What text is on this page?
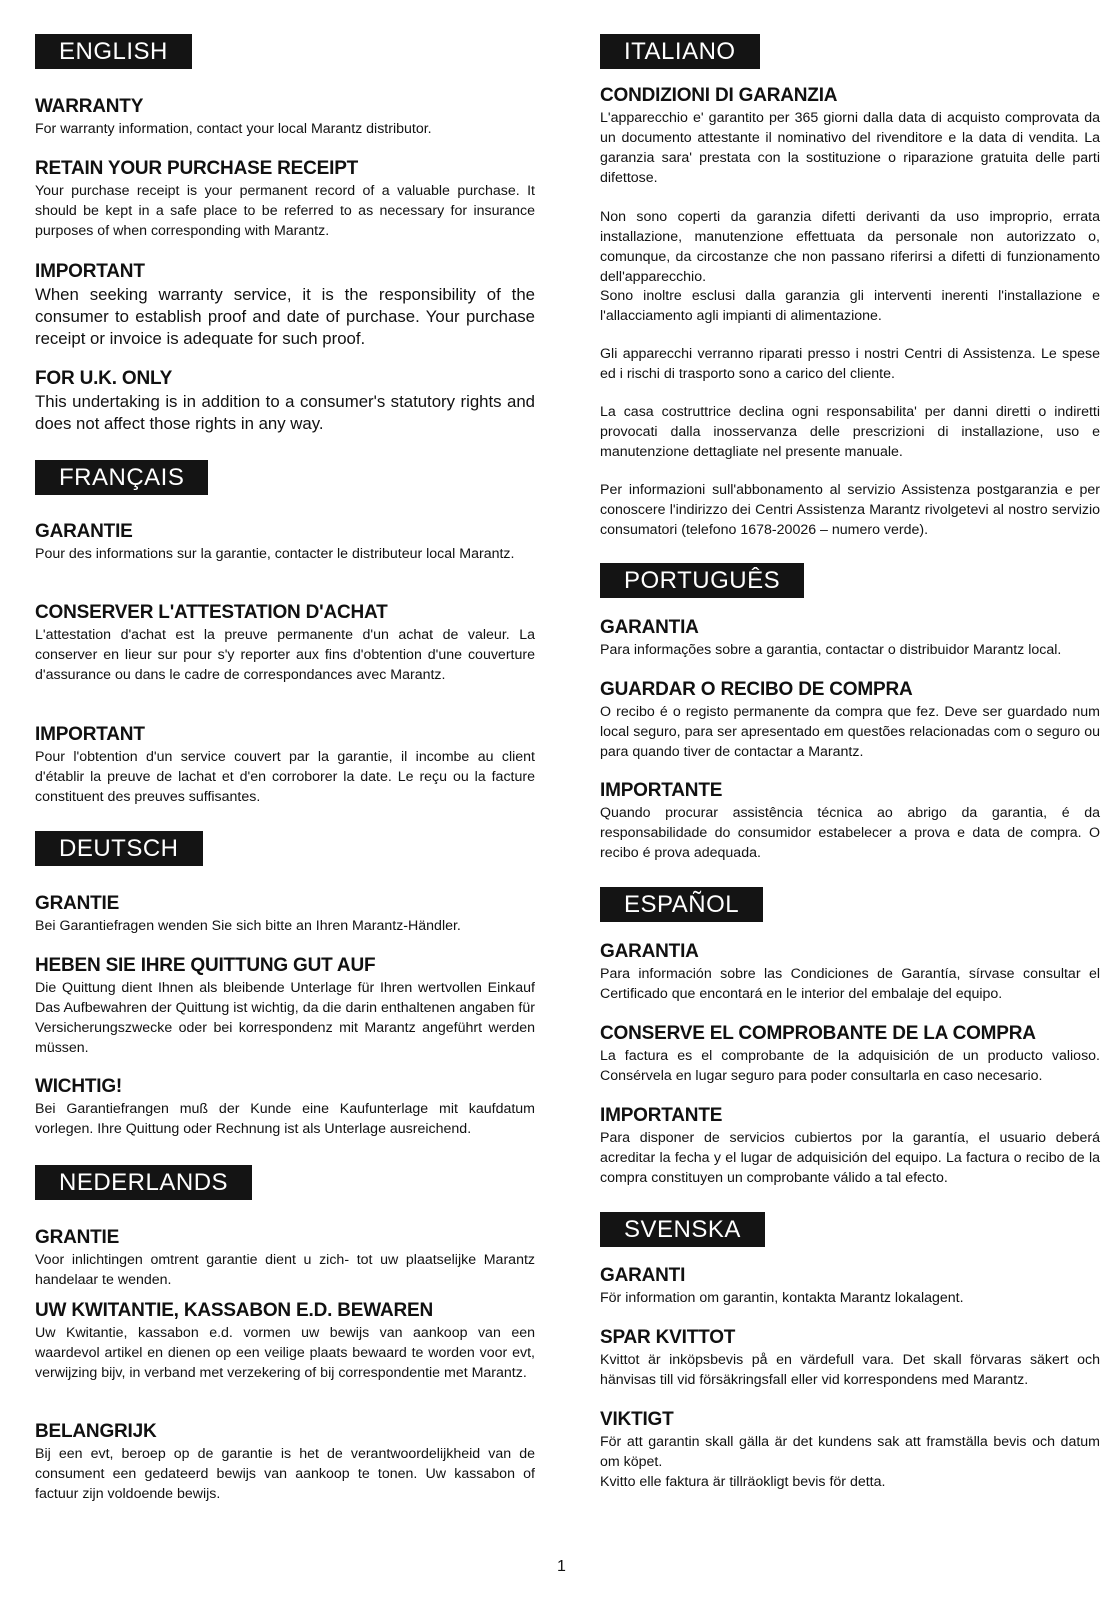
ENGLISH
WARRANTY
For warranty information, contact your local Marantz distributor.
RETAIN YOUR PURCHASE RECEIPT
Your purchase receipt is your permanent record of a valuable purchase. It should be kept in a safe place to be referred to as necessary for insurance purposes of when corresponding with Marantz.
IMPORTANT
When seeking warranty service, it is the responsibility of the consumer to establish proof and date of purchase. Your purchase receipt or invoice is adequate for such proof.
FOR U.K. ONLY
This undertaking is in addition to a consumer's statutory rights and does not affect those rights in any way.
FRANÇAIS
GARANTIE
Pour des informations sur la garantie, contacter le distributeur local Marantz.
CONSERVER L'ATTESTATION D'ACHAT
L'attestation d'achat est la preuve permanente d'un achat de valeur. La conserver en lieur sur pour s'y reporter aux fins d'obtention d'une couverture d'assurance ou dans le cadre de correspondances avec Marantz.
IMPORTANT
Pour l'obtention d'un service couvert par la garantie, il incombe au client d'établir la preuve de lachat et d'en corroborer la date. Le reçu ou la facture constituent des preuves suffisantes.
DEUTSCH
GRANTIE
Bei Garantiefragen wenden Sie sich bitte an Ihren Marantz-Händler.
HEBEN SIE IHRE QUITTUNG GUT AUF
Die Quittung dient Ihnen als bleibende Unterlage für Ihren wertvollen Einkauf Das Aufbewahren der Quittung ist wichtig, da die darin enthaltenen angaben für Versicherungszwecke oder bei korrespondenz mit Marantz angeführt werden müssen.
WICHTIG!
Bei Garantiefrangen muß der Kunde eine Kaufunterlage mit kaufdatum vorlegen. Ihre Quittung oder Rechnung ist als Unterlage ausreichend.
NEDERLANDS
GRANTIE
Voor inlichtingen omtrent garantie dient u zich- tot uw plaatselijke Marantz handelaar te wenden.
UW KWITANTIE, KASSABON E.D. BEWAREN
Uw Kwitantie, kassabon e.d. vormen uw bewijs van aankoop van een waardevol artikel en dienen op een veilige plaats bewaard te worden voor evt, verwijzing bijv, in verband met verzekering of bij correspondentie met Marantz.
BELANGRIJK
Bij een evt, beroep op de garantie is het de verantwoordelijkheid van de consument een gedateerd bewijs van aankoop te tonen. Uw kassabon of factuur zijn voldoende bewijs.
ITALIANO
CONDIZIONI DI GARANZIA
L'apparecchio e' garantito per 365 giorni dalla data di acquisto comprovata da un documento attestante il nominativo del rivenditore e la data di vendita. La garanzia sara' prestata con la sostituzione o riparazione gratuita delle parti difettose.
Non sono coperti da garanzia difetti derivanti da uso improprio, errata installazione, manutenzione effettuata da personale non autorizzato o, comunque, da circostanze che non passano riferirsi a difetti di funzionamento dell'apparecchio.
Sono inoltre esclusi dalla garanzia gli interventi inerenti l'installazione e l'allacciamento agli impianti di alimentazione.
Gli apparecchi verranno riparati presso i nostri Centri di Assistenza. Le spese ed i rischi di trasporto sono a carico del cliente.
La casa costruttrice declina ogni responsabilita' per danni diretti o indiretti provocati dalla inosservanza delle prescrizioni di installazione, uso e manutenzione dettagliate nel presente manuale.
Per informazioni sull'abbonamento al servizio Assistenza postgaranzia e per conoscere l'indirizzo dei Centri Assistenza Marantz rivolgetevi al nostro servizio consumatori (telefono 1678-20026 – numero verde).
PORTUGUÊS
GARANTIA
Para informações sobre a garantia, contactar o distribuidor Marantz local.
GUARDAR O RECIBO DE COMPRA
O recibo é o registo permanente da compra que fez. Deve ser guardado num local seguro, para ser apresentado em questões relacionadas com o seguro ou para quando tiver de contactar a Marantz.
IMPORTANTE
Quando procurar assistência técnica ao abrigo da garantia, é da responsabilidade do consumidor estabelecer a prova e data de compra. O recibo é prova adequada.
ESPAÑOL
GARANTIA
Para información sobre las Condiciones de Garantía, sírvase consultar el Certificado que encontará en le interior del embalaje del equipo.
CONSERVE EL COMPROBANTE DE LA COMPRA
La factura es el comprobante de la adquisición de un producto valioso. Consérvela en lugar seguro para poder consultarla en caso necesario.
IMPORTANTE
Para disponer de servicios cubiertos por la garantía, el usuario deberá acreditar la fecha y el lugar de adquisición del equipo. La factura o recibo de la compra constituyen un comprobante válido a tal efecto.
SVENSKA
GARANTI
För information om garantin, kontakta Marantz lokalagent.
SPAR KVITTOT
Kvittot är inköpsbevis på en värdefull vara. Det skall förvaras säkert och hänvisas till vid försäkringsfall eller vid korrespondens med Marantz.
VIKTIGT
För att garantin skall gälla är det kundens sak att framställa bevis och datum om köpet.
Kvitto elle faktura är tillräokligt bevis för detta.
1
